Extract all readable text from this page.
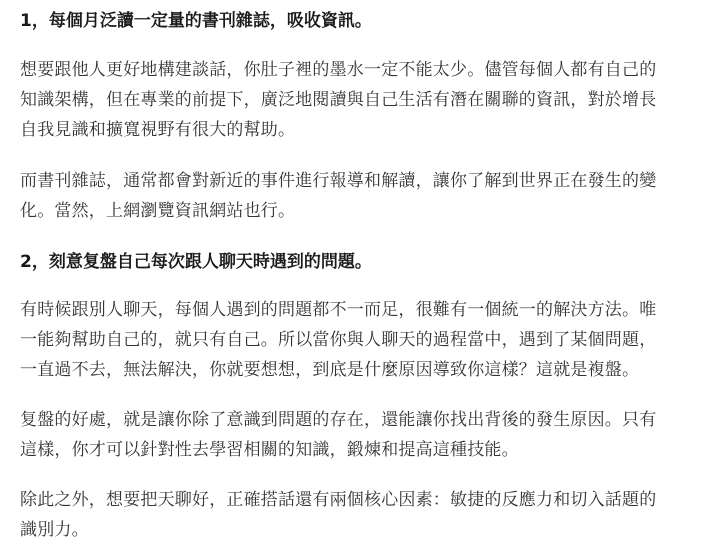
1，每個月泛讀一定量的書刊雜誌，吸收資訊。

想要跟他人更好地構建談話，你肚子裡的墨水一定不能太少。儘管每個人都有自己的
知識架構，但在專業的前提下，廣泛地閱讀與自己生活有潛在關聯的資訊，對於增長
自我見識和擴寬視野有很大的幫助。

而書刊雜誌，通常都會對新近的事件進行報導和解讀，讓你了解到世界正在發生的變
化。當然，上網瀏覽資訊網站也行。

2，刻意复盤自己每次跟人聊天時遇到的問題。

有時候跟別人聊天，每個人遇到的問題都不一而足，很難有一個統一的解決方法。唯
一能夠幫助自己的，就只有自己。所以當你與人聊天的過程當中，遇到了某個問題，
一直過不去，無法解決，你就要想想，到底是什麼原因導致你這樣？這就是複盤。

复盤的好處，就是讓你除了意識到問題的存在，還能讓你找出背後的發生原因。只有
這樣，你才可以針對性去學習相關的知識，鍛煉和提高這種技能。

除此之外，想要把天聊好，正確搭話還有兩個核心因素：敏捷的反應力和切入話題的
識別力。
